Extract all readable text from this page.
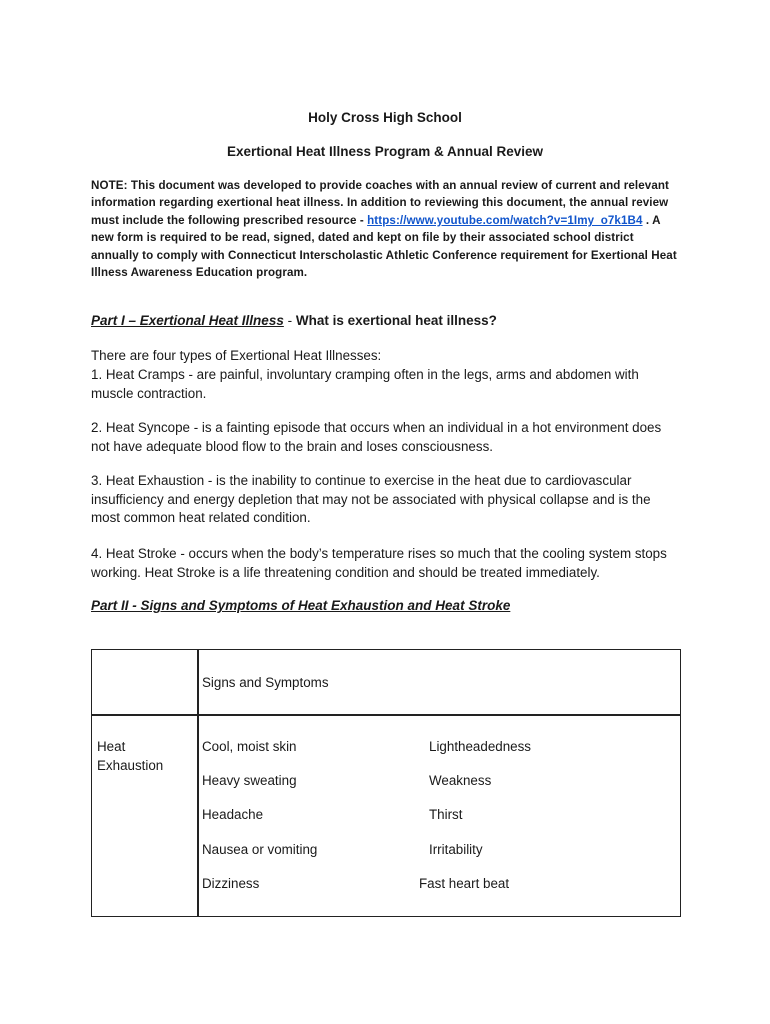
Holy Cross High School
Exertional Heat Illness Program & Annual Review
NOTE: This document was developed to provide coaches with an annual review of current and relevant information regarding exertional heat illness. In addition to reviewing this document, the annual review must include the following prescribed resource - https://www.youtube.com/watch?v=1Imy_o7k1B4 . A new form is required to be read, signed, dated and kept on file by their associated school district annually to comply with Connecticut Interscholastic Athletic Conference requirement for Exertional Heat Illness Awareness Education program.
Part I – Exertional Heat Illness - What is exertional heat illness?
There are four types of Exertional Heat Illnesses:
1. Heat Cramps - are painful, involuntary cramping often in the legs, arms and abdomen with muscle contraction.
2. Heat Syncope - is a fainting episode that occurs when an individual in a hot environment does not have adequate blood flow to the brain and loses consciousness.
3. Heat Exhaustion - is the inability to continue to exercise in the heat due to cardiovascular insufficiency and energy depletion that may not be associated with physical collapse and is the most common heat related condition.
4. Heat Stroke - occurs when the body’s temperature rises so much that the cooling system stops working. Heat Stroke is a life threatening condition and should be treated immediately.
Part II - Signs and Symptoms of Heat Exhaustion and Heat Stroke
Signs and Symptoms
Heat Exhaustion
Cool, moist skin
Heavy sweating
Headache
Nausea or vomiting
Dizziness
Lightheadedness
Weakness
Thirst
Irritability
Fast heart beat
